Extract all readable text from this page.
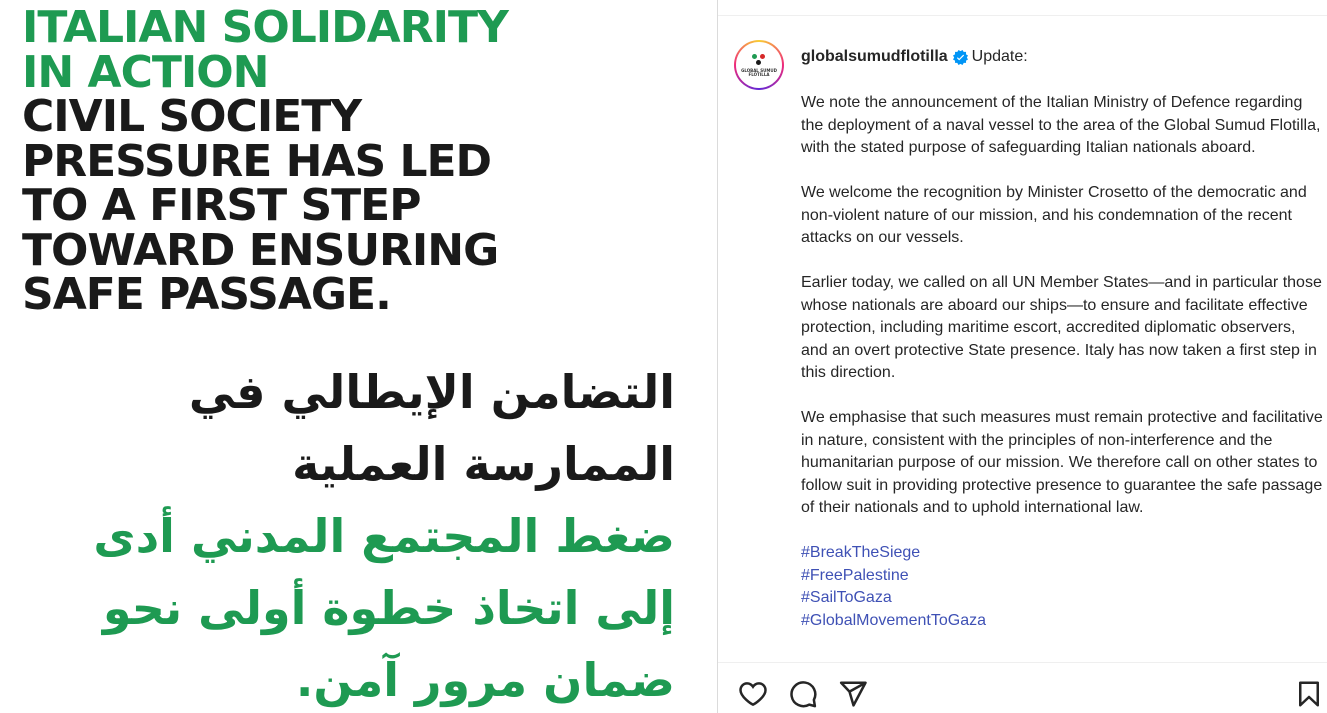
ITALIAN SOLIDARITY
IN ACTION
CIVIL SOCIETY
PRESSURE HAS LED
TO A FIRST STEP
TOWARD ENSURING
SAFE PASSAGE.
التضامن الإيطالي في
الممارسة العملية
ضغط المجتمع المدني أدى
إلى اتخاذ خطوة أولى نحو
ضمان مرور آمن.
GLOBAL SUMUD FLOTILLA
globalsumudflotilla Update:

We note the announcement of the Italian Ministry of Defence regarding the deployment of a naval vessel to the area of the Global Sumud Flotilla, with the stated purpose of safeguarding Italian nationals aboard.

We welcome the recognition by Minister Crosetto of the democratic and non-violent nature of our mission, and his condemnation of the recent attacks on our vessels.

Earlier today, we called on all UN Member States—and in particular those whose nationals are aboard our ships—to ensure and facilitate effective protection, including maritime escort, accredited diplomatic observers, and an overt protective State presence. Italy has now taken a first step in this direction.

We emphasise that such measures must remain protective and facilitative in nature, consistent with the principles of non-interference and the humanitarian purpose of our mission. We therefore call on other states to follow suit in providing protective presence to guarantee the safe passage of their nationals and to uphold international law.

#BreakTheSiege
#FreePalestine
#SailToGaza
#GlobalMovementToGaza
